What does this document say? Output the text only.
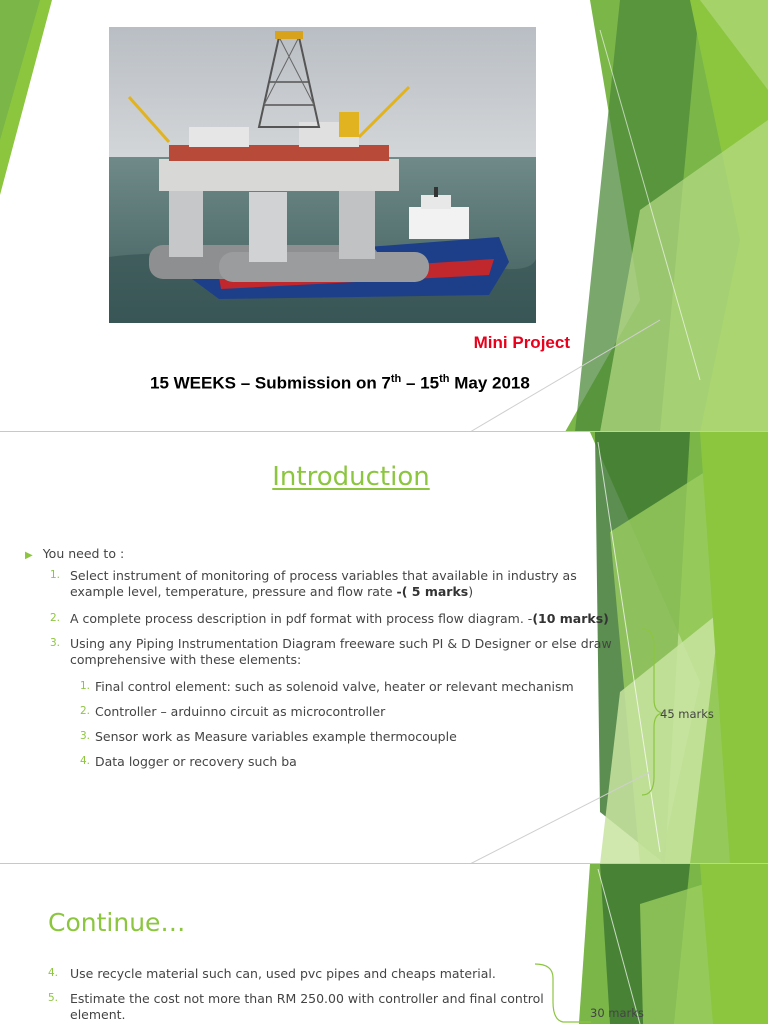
Mini Project
15 WEEKS – Submission on 7th – 15th May 2018
Introduction
▶ You need to :
1. Select instrument of monitoring of process variables that available in industry as
example level, temperature, pressure and flow rate -( 5 marks)
2. A complete process description in pdf format with process flow diagram. -(10 marks)
3. Using any Piping Instrumentation Diagram freeware such PI & D Designer or else draw
comprehensive with these elements:
1. Final control element: such as solenoid valve, heater or relevant mechanism
2. Controller – arduinno circuit as microcontroller
3. Sensor work as Measure variables example thermocouple
4. Data logger or recovery such ba
45 marks
Continue…
4. Use recycle material such can, used pvc pipes and cheaps material.
5. Estimate the cost not more than RM 250.00 with controller and final control
element.	30 marks
